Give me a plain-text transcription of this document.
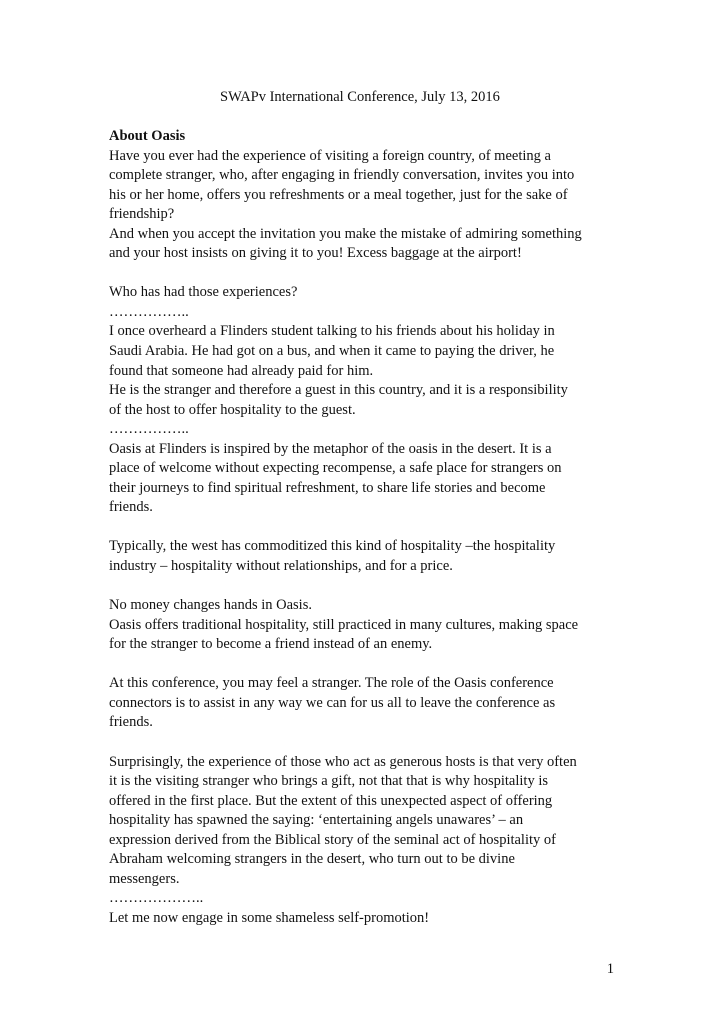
SWAPv International Conference, July 13, 2016
About Oasis
Have you ever had the experience of visiting a foreign country, of meeting a
complete stranger, who, after engaging in friendly conversation, invites you into
his or her home, offers you refreshments or a meal together, just for the sake of
friendship?
And when you accept the invitation you make the mistake of admiring something
and your host insists on giving it to you! Excess baggage at the airport!
Who has had those experiences?
……………..
I once overheard a Flinders student talking to his friends about his holiday in
Saudi Arabia. He had got on a bus, and when it came to paying the driver, he
found that someone had already paid for him.
He is the stranger and therefore a guest in this country, and it is a responsibility
of the host to offer hospitality to the guest.
……………..
Oasis at Flinders is inspired by the metaphor of the oasis in the desert. It is a
place of welcome without expecting recompense, a safe place for strangers on
their journeys to find spiritual refreshment, to share life stories and become
friends.
Typically, the west has commoditized this kind of hospitality –the hospitality
industry – hospitality without relationships, and for a price.
No money changes hands in Oasis.
Oasis offers traditional hospitality, still practiced in many cultures, making space
for the stranger to become a friend instead of an enemy.
At this conference, you may feel a stranger. The role of the Oasis conference
connectors is to assist in any way we can for us all to leave the conference as
friends.
Surprisingly, the experience of those who act as generous hosts is that very often
it is the visiting stranger who brings a gift, not that that is why hospitality is
offered in the first place. But the extent of this unexpected aspect of offering
hospitality has spawned the saying: ‘entertaining angels unawares’ – an
expression derived from the Biblical story of the seminal act of hospitality of
Abraham welcoming strangers in the desert, who turn out to be divine
messengers.
………………..
Let me now engage in some shameless self-promotion!
1
